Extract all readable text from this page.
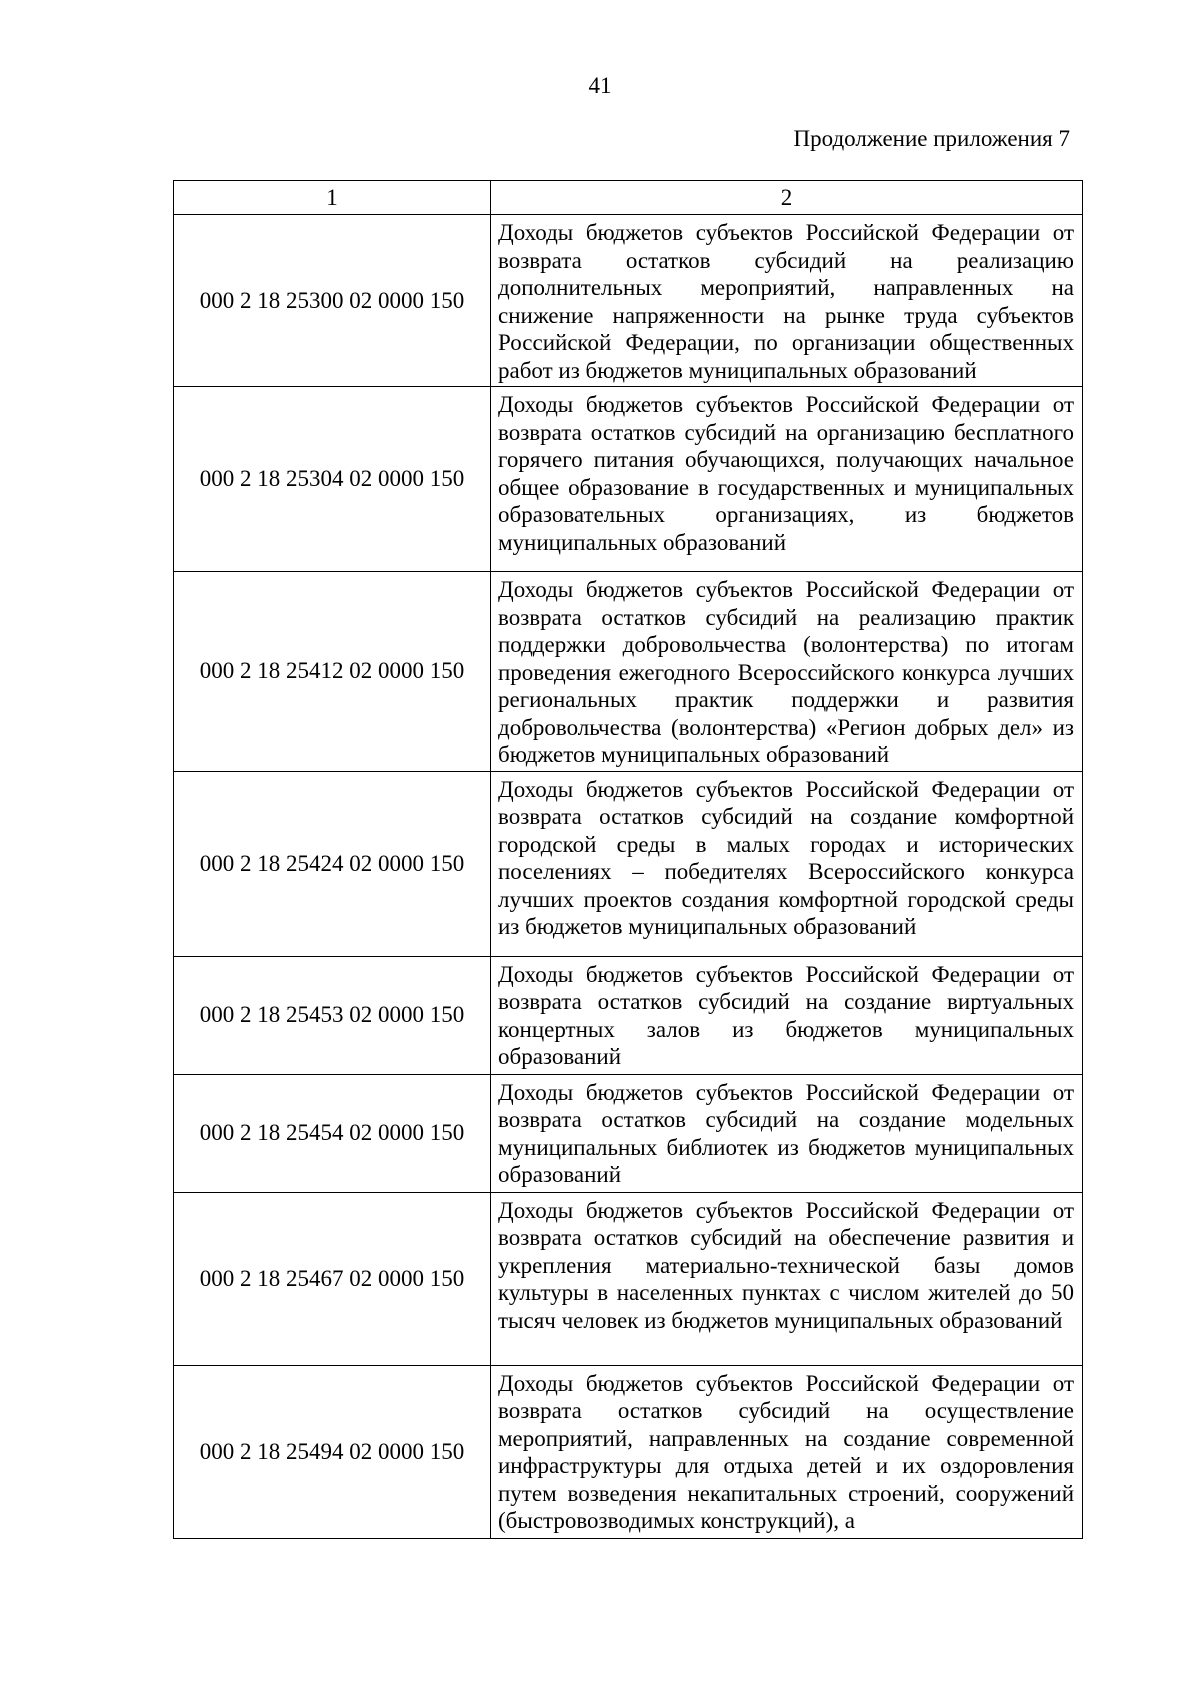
41
Продолжение приложения 7
1	2
000 2 18 25300 02 0000 150	Доходы бюджетов субъектов Российской Федерации от возврата остатков субсидий на реализацию дополнительных мероприятий, направленных на снижение напряженности на рынке труда субъектов Российской Федерации, по организации общественных работ из бюджетов муниципальных образований
000 2 18 25304 02 0000 150	Доходы бюджетов субъектов Российской Федерации от возврата остатков субсидий на организацию бесплатного горячего питания обучающихся, получающих начальное общее образование в государственных и муниципальных образовательных организациях, из бюджетов муниципальных образований
000 2 18 25412 02 0000 150	Доходы бюджетов субъектов Российской Федерации от возврата остатков субсидий на реализацию практик поддержки добровольчества (волонтерства) по итогам проведения ежегодного Всероссийского конкурса лучших региональных практик поддержки и развития добровольчества (волонтерства) «Регион добрых дел» из бюджетов муниципальных образований
000 2 18 25424 02 0000 150	Доходы бюджетов субъектов Российской Федерации от возврата остатков субсидий на создание комфортной городской среды в малых городах и исторических поселениях – победителях Всероссийского конкурса лучших проектов создания комфортной городской среды из бюджетов муниципальных образований
000 2 18 25453 02 0000 150	Доходы бюджетов субъектов Российской Федерации от возврата остатков субсидий на создание виртуальных концертных залов из бюджетов муниципальных образований
000 2 18 25454 02 0000 150	Доходы бюджетов субъектов Российской Федерации от возврата остатков субсидий на создание модельных муниципальных библиотек из бюджетов муниципальных образований
000 2 18 25467 02 0000 150	Доходы бюджетов субъектов Российской Федерации от возврата остатков субсидий на обеспечение развития и укрепления материально-технической базы домов культуры в населенных пунктах с числом жителей до 50 тысяч человек из бюджетов муниципальных образований
000 2 18 25494 02 0000 150	Доходы бюджетов субъектов Российской Федерации от возврата остатков субсидий на осуществление мероприятий, направленных на создание современной инфраструктуры для отдыха детей и их оздоровления путем возведения некапитальных строений, сооружений (быстровозводимых конструкций), а
